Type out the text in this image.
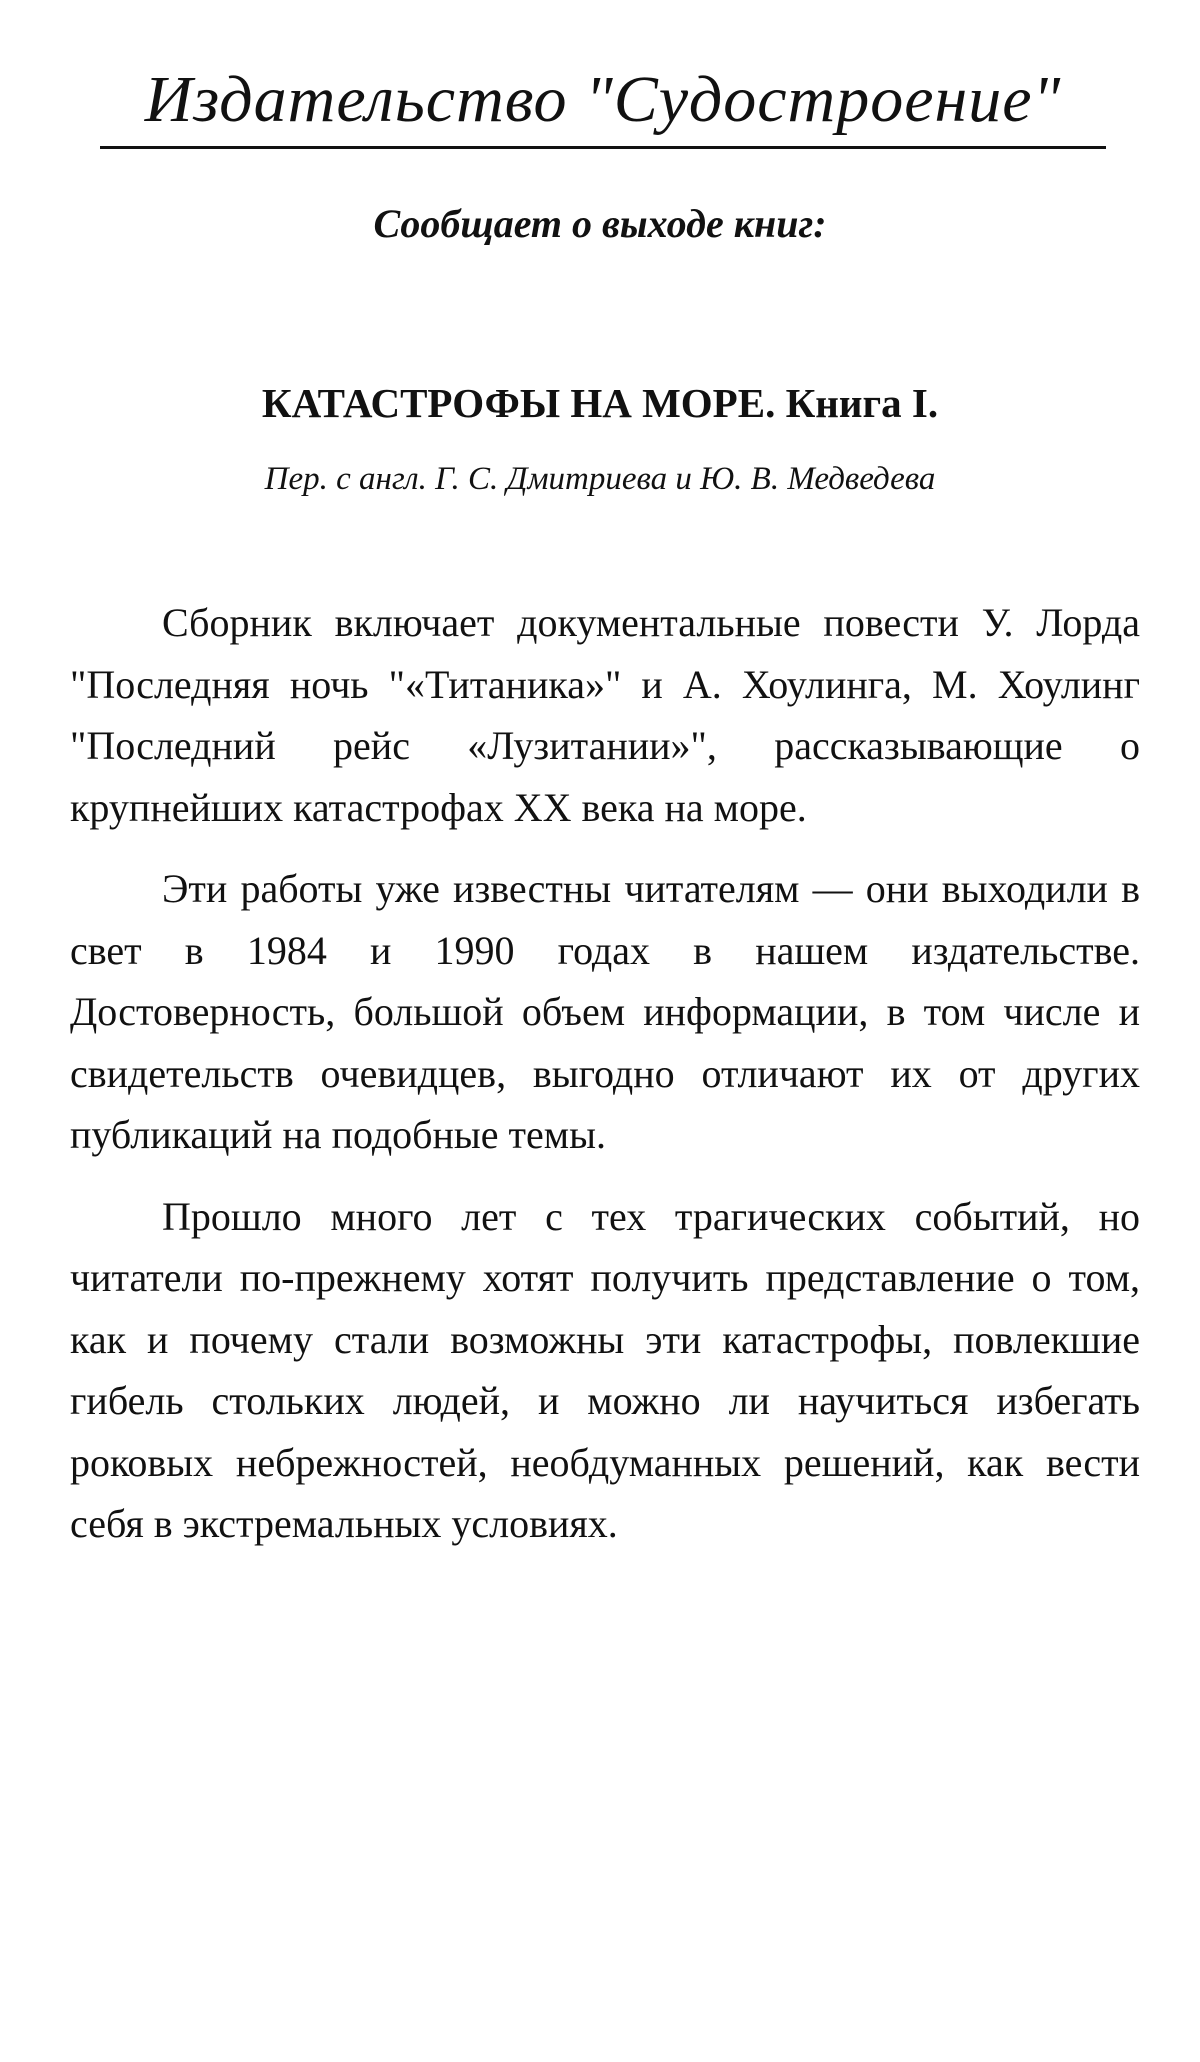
Издательство "Судостроение"
Сообщает о выходе книг:
КАТАСТРОФЫ НА МОРЕ. Книга I.
Пер. с англ. Г. С. Дмитриева и Ю. В. Медведева

Сборник включает документальные повести У. Лорда "Последняя ночь "«Титаника»" и А. Хоулинга, М. Хоулинг "Последний рейс «Лузитании»", рассказывающие о крупнейших катастрофах XX века на море.

Эти работы уже известны читателям — они выходили в свет в 1984 и 1990 годах в нашем издательстве. Достоверность, большой объем информации, в том числе и свидетельств очевидцев, выгодно отличают их от других публикаций на подобные темы.

Прошло много лет с тех трагических событий, но читатели по-прежнему хотят получить представление о том, как и почему стали возможны эти катастрофы, повлекшие гибель стольких людей, и можно ли научиться избегать роковых небрежностей, необдуманных решений, как вести себя в экстремальных условиях.
